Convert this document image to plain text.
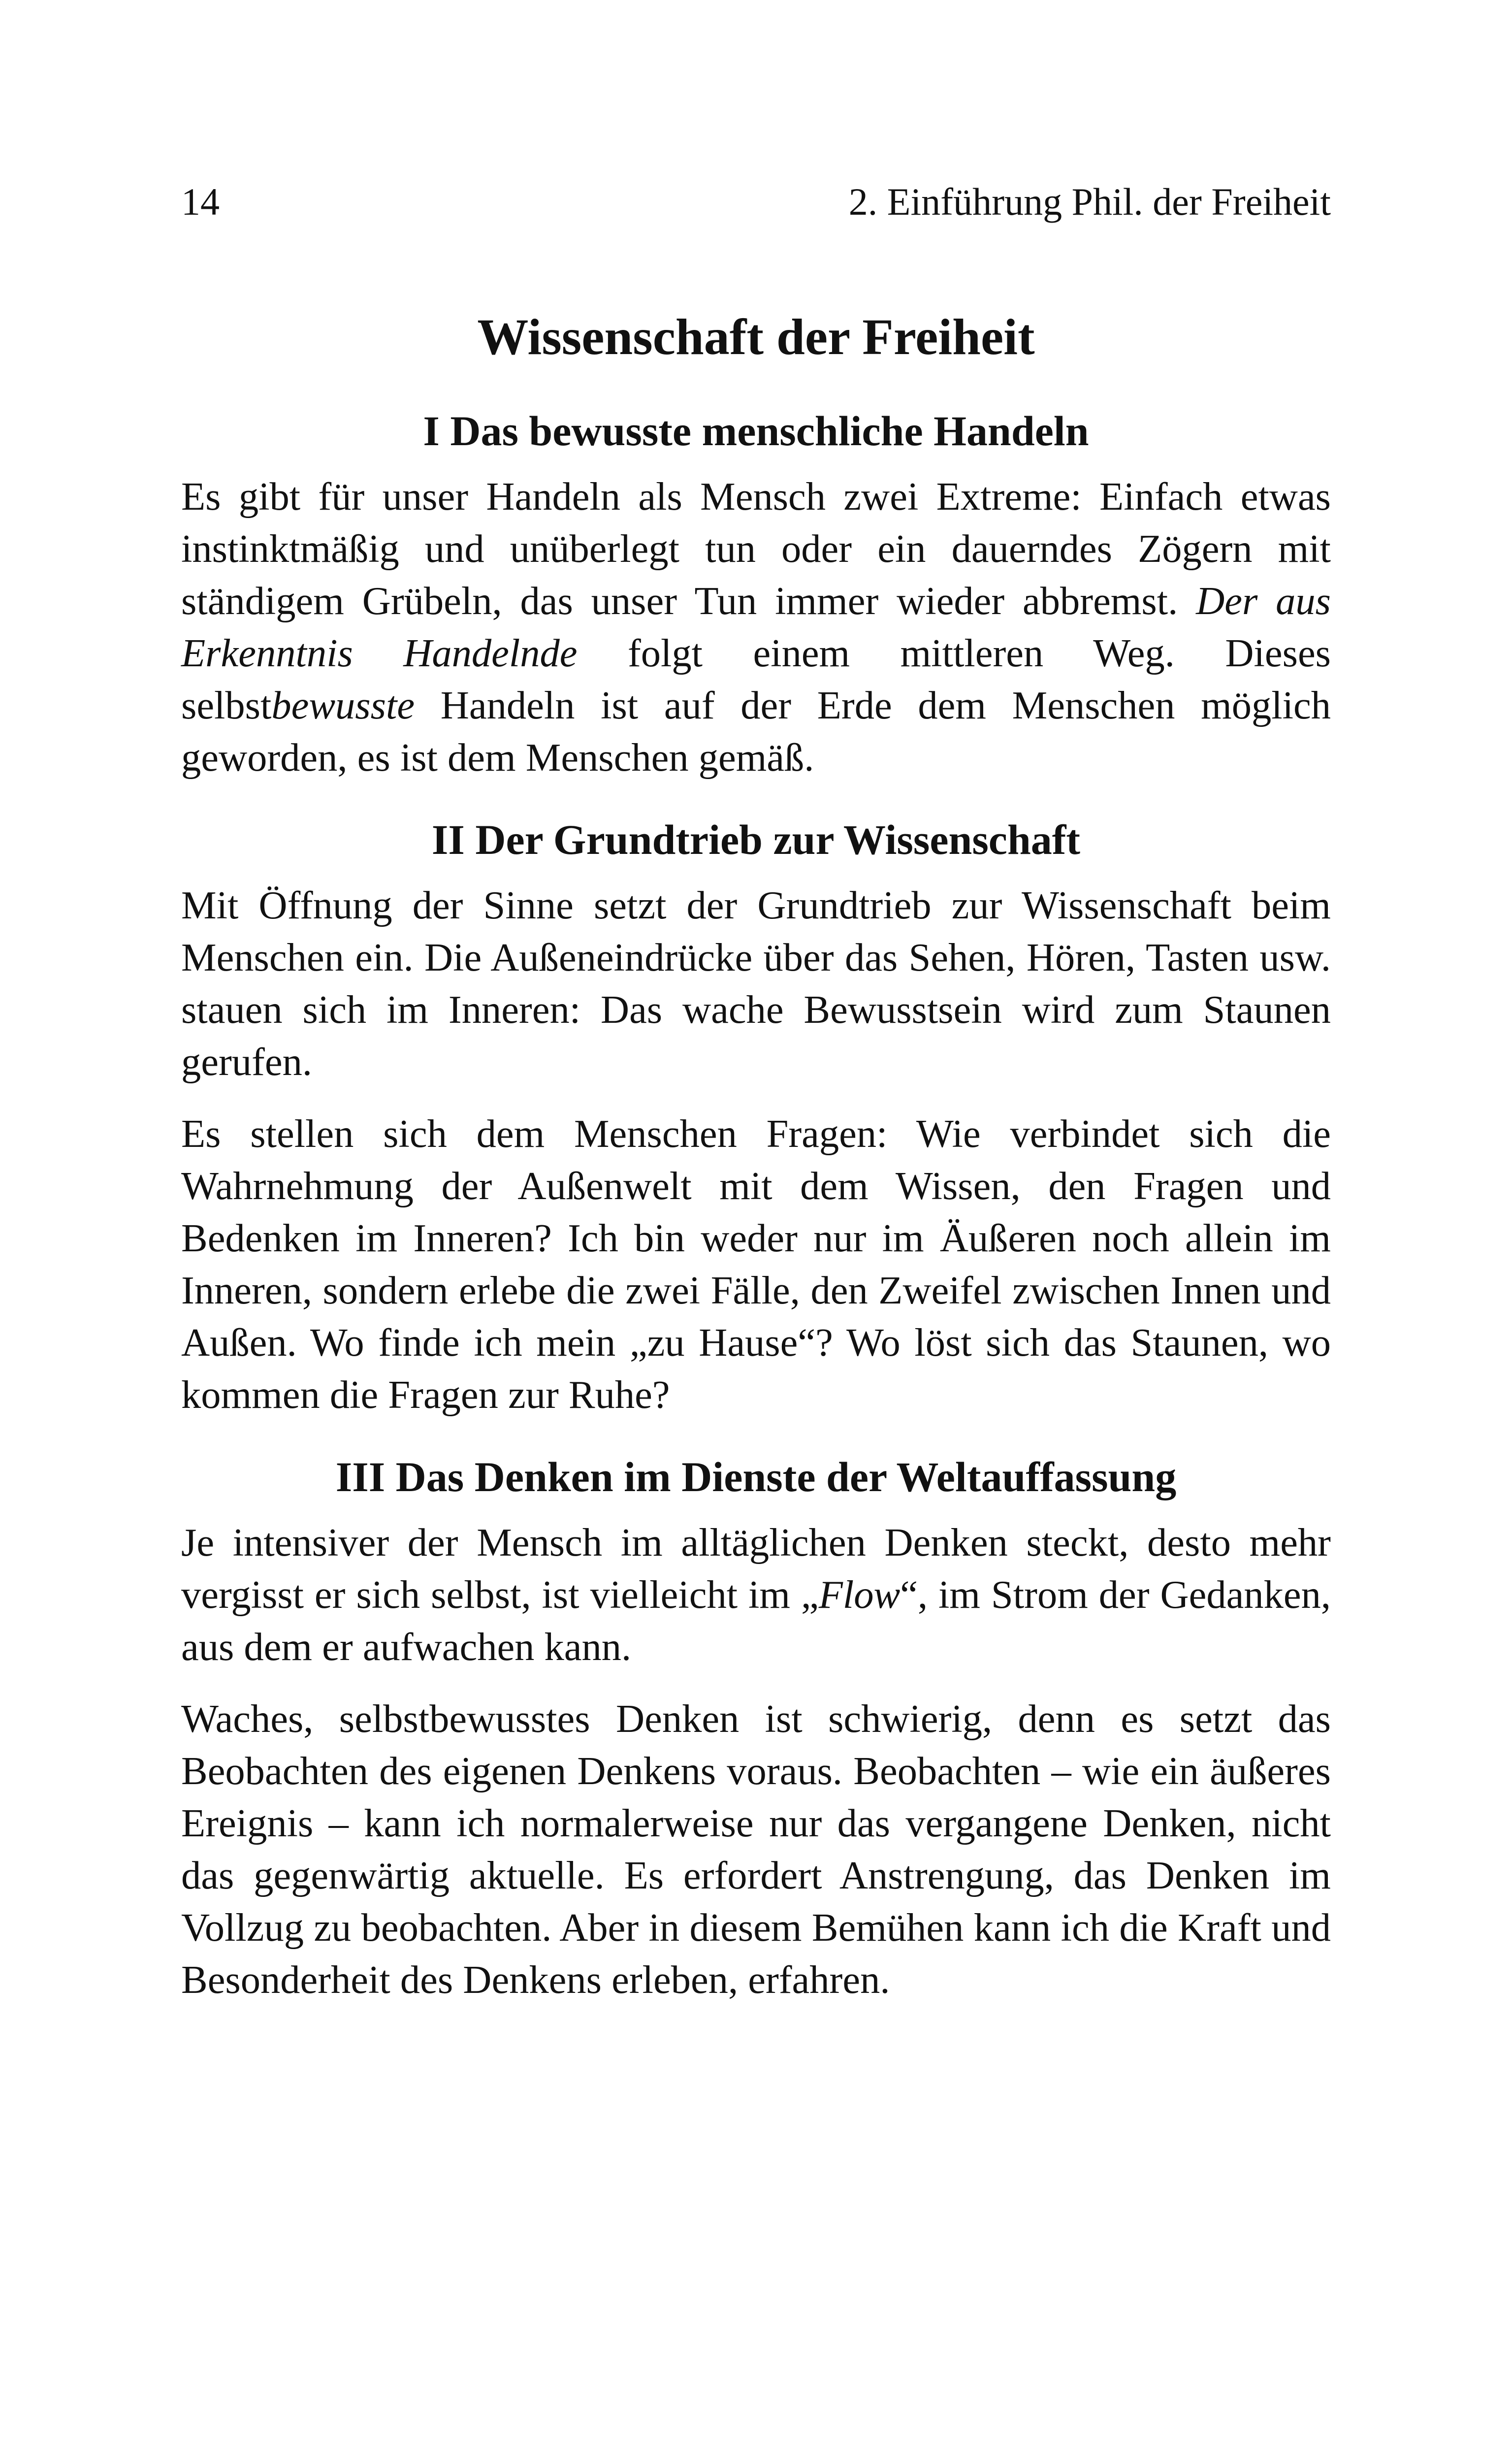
14	2. Einführung Phil. der Freiheit
Wissenschaft der Freiheit
I Das bewusste menschliche Handeln

Es gibt für unser Handeln als Mensch zwei Extreme: Einfach etwas instinktmäßig und unüberlegt tun oder ein dauerndes Zögern mit ständigem Grübeln, das unser Tun immer wieder abbremst. Der aus Erkenntnis Handelnde folgt einem mittleren Weg. Dieses selbstbewusste Handeln ist auf der Erde dem Menschen möglich geworden, es ist dem Menschen gemäß.

II Der Grundtrieb zur Wissenschaft

Mit Öffnung der Sinne setzt der Grundtrieb zur Wissenschaft beim Menschen ein. Die Außeneindrücke über das Sehen, Hören, Tasten usw. stauen sich im Inneren: Das wache Bewusstsein wird zum Staunen gerufen.

Es stellen sich dem Menschen Fragen: Wie verbindet sich die Wahrnehmung der Außenwelt mit dem Wissen, den Fragen und Bedenken im Inneren? Ich bin weder nur im Äußeren noch allein im Inneren, sondern erlebe die zwei Fälle, den Zweifel zwischen Innen und Außen. Wo finde ich mein „zu Hause“? Wo löst sich das Staunen, wo kommen die Fragen zur Ruhe?

III Das Denken im Dienste der Weltauffassung

Je intensiver der Mensch im alltäglichen Denken steckt, desto mehr vergisst er sich selbst, ist vielleicht im „Flow“, im Strom der Gedanken, aus dem er aufwachen kann.

Waches, selbstbewusstes Denken ist schwierig, denn es setzt das Beobachten des eigenen Denkens voraus. Beobachten – wie ein äußeres Ereignis – kann ich normalerweise nur das vergangene Denken, nicht das gegenwärtig aktuelle. Es erfordert Anstrengung, das Denken im Vollzug zu beobachten. Aber in diesem Bemühen kann ich die Kraft und Besonderheit des Denkens erleben, erfahren.
